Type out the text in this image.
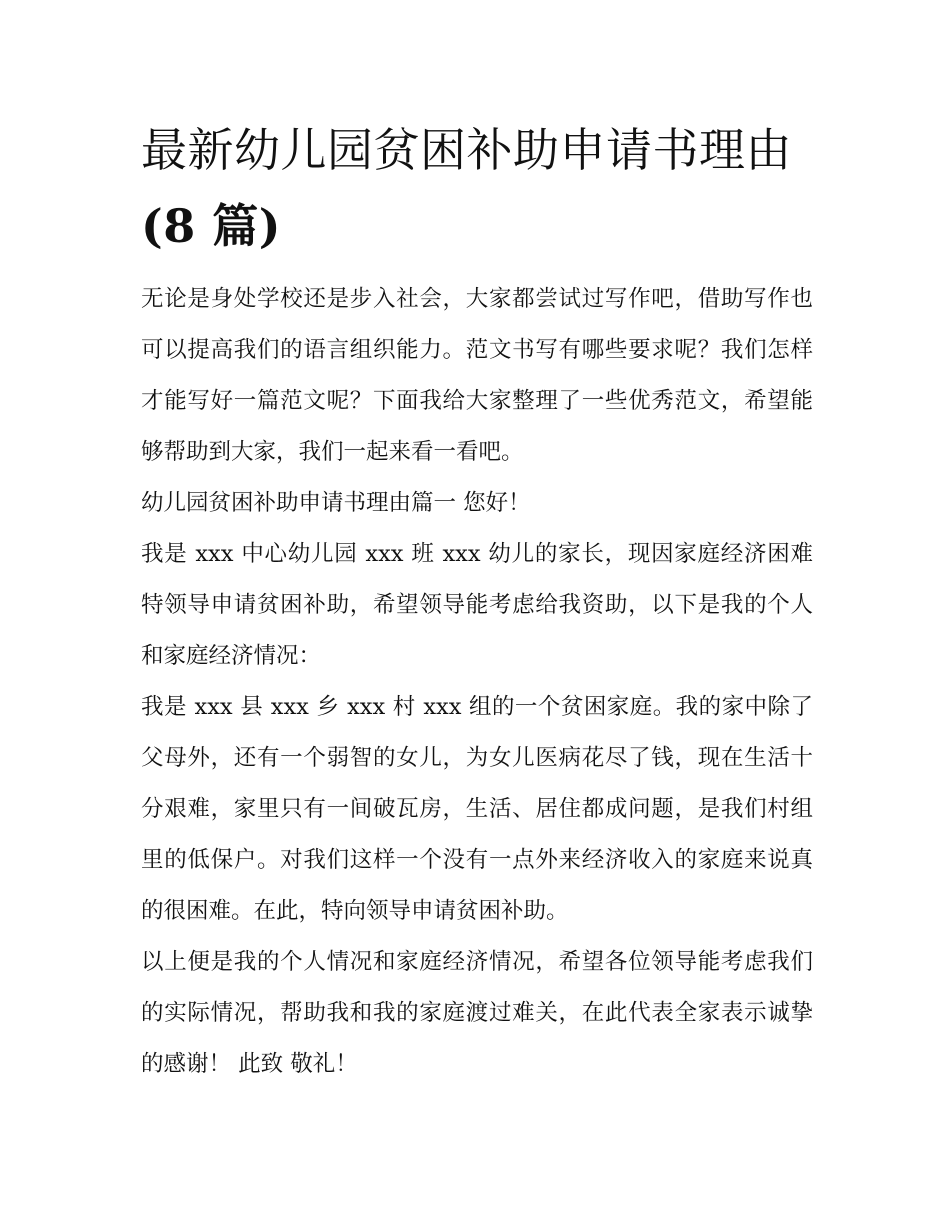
最新幼儿园贫困补助申请书理由(8 篇)

无论是身处学校还是步入社会，大家都尝试过写作吧，借助写作也可以提高我们的语言组织能力。范文书写有哪些要求呢？我们怎样才能写好一篇范文呢？下面我给大家整理了一些优秀范文，希望能够帮助到大家，我们一起来看一看吧。

幼儿园贫困补助申请书理由篇一 您好！

我是 xxx 中心幼儿园 xxx 班 xxx 幼儿的家长，现因家庭经济困难特领导申请贫困补助，希望领导能考虑给我资助，以下是我的个人和家庭经济情况：

我是 xxx 县 xxx 乡 xxx 村 xxx 组的一个贫困家庭。我的家中除了父母外，还有一个弱智的女儿，为女儿医病花尽了钱，现在生活十分艰难，家里只有一间破瓦房，生活、居住都成问题，是我们村组里的低保户。对我们这样一个没有一点外来经济收入的家庭来说真的很困难。在此，特向领导申请贫困补助。

以上便是我的个人情况和家庭经济情况，希望各位领导能考虑我们的实际情况，帮助我和我的家庭渡过难关，在此代表全家表示诚挚的感谢！ 此致 敬礼！
